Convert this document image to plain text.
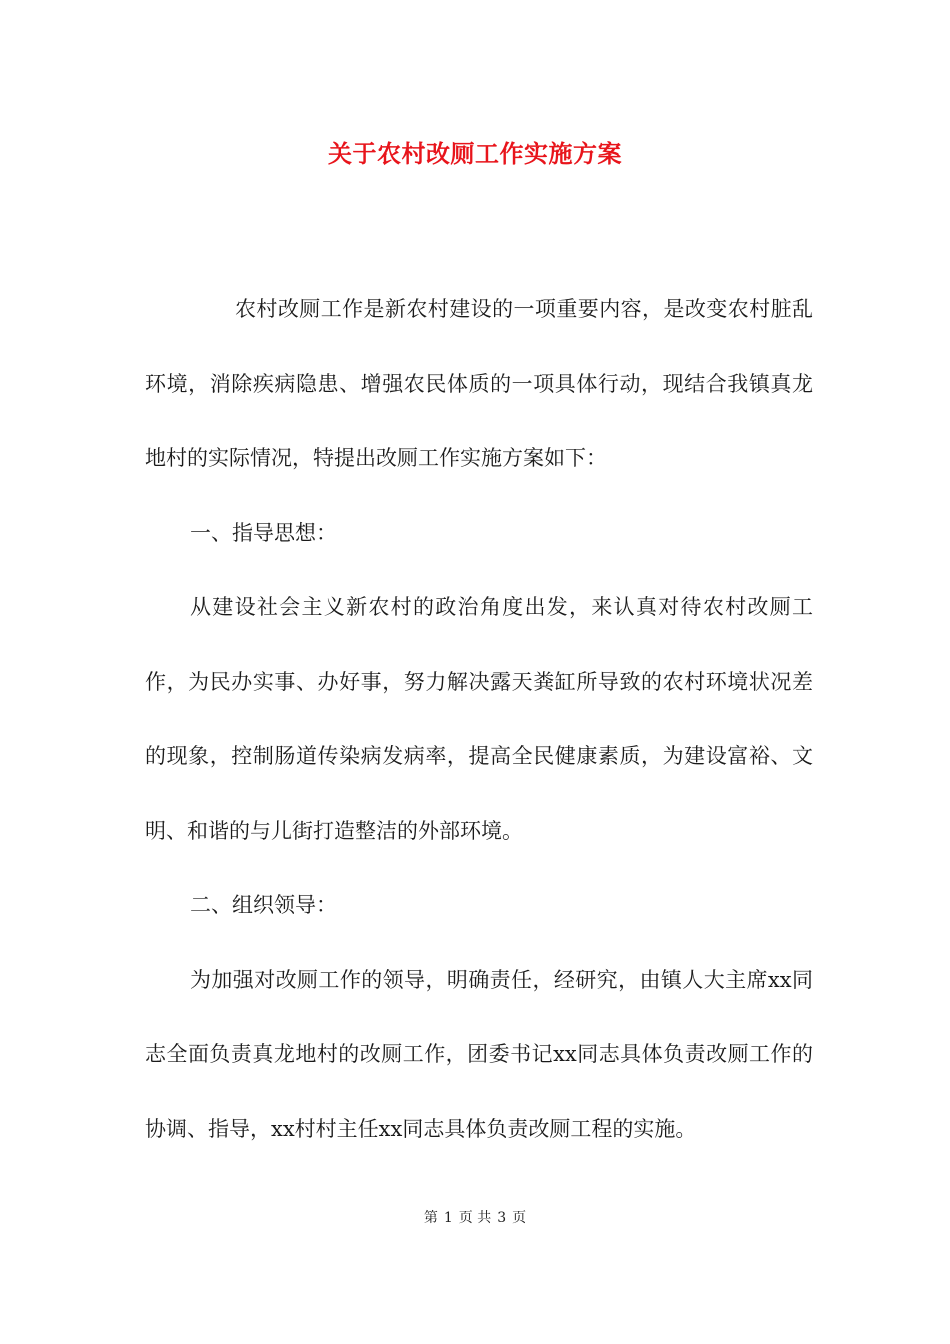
关于农村改厕工作实施方案

农村改厕工作是新农村建设的一项重要内容，是改变农村脏乱环境，消除疾病隐患、增强农民体质的一项具体行动，现结合我镇真龙地村的实际情况，特提出改厕工作实施方案如下：

一、指导思想：

从建设社会主义新农村的政治角度出发，来认真对待农村改厕工作，为民办实事、办好事，努力解决露天粪缸所导致的农村环境状况差的现象，控制肠道传染病发病率，提高全民健康素质，为建设富裕、文明、和谐的与儿街打造整洁的外部环境。

二、组织领导：

为加强对改厕工作的领导，明确责任，经研究，由镇人大主席xx同志全面负责真龙地村的改厕工作，团委书记xx同志具体负责改厕工作的协调、指导，xx村村主任xx同志具体负责改厕工程的实施。

第 1 页 共 3 页
